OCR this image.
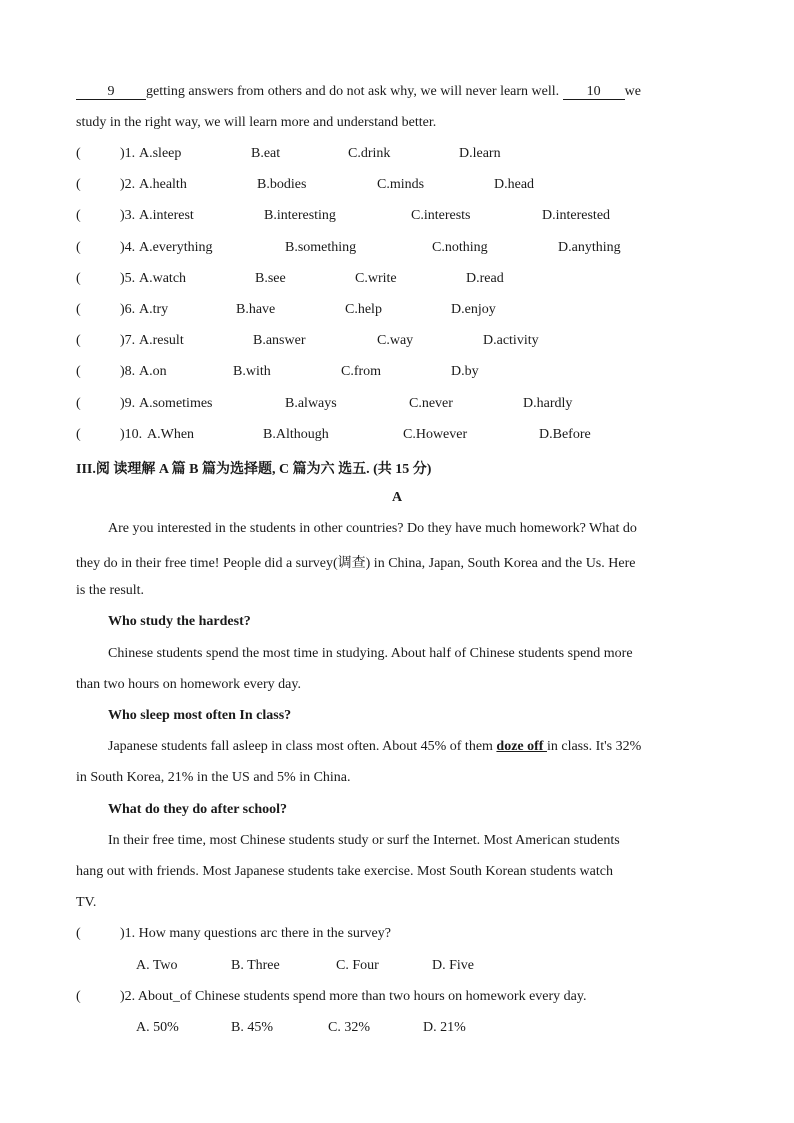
9 getting answers from others and do not ask why, we will never learn well. 10 we
study in the right way, we will learn more and understand better.
(	)1. A.sleep	B.eat	C.drink	D.learn
(	)2. A.health	B.bodies	C.minds	D.head
(	)3. A.interest	B.interesting	C.interests	D.interested
(	)4. A.everything	B.something	C.nothing	D.anything
(	)5. A.watch	B.see	C.write	D.read
(	)6. A.try	B.have	C.help	D.enjoy
(	)7. A.result	B.answer	C.way	D.activity
(	)8. A.on	B.with	C.from	D.by
(	)9. A.sometimes	B.always	C.never	D.hardly
(	)10. A.When	B.Although	C.However	D.Before
III.阅 读理解 A 篇 B 篇为选择题, C 篇为六 选五. (共 15 分)
A
Are you interested in the students in other countries? Do they have much homework? What do
they do in their free time! People did a survey(调查) in China, Japan, South Korea and the Us. Here
is the result.
Who study the hardest?
Chinese students spend the most time in studying. About half of Chinese students spend more
than two hours on homework every day.
Who sleep most often In class?
Japanese students fall asleep in class most often. About 45% of them doze off in class. It's 32%
in South Korea, 21% in the US and 5% in China.
What do they do after school?
In their free time, most Chinese students study or surf the Internet. Most American students
hang out with friends. Most Japanese students take exercise. Most South Korean students watch
TV.
(	)1. How many questions arc there in the survey?
A. Two	B. Three	C. Four	D. Five
(	)2. About_of Chinese students spend more than two hours on homework every day.
A. 50%	B. 45%	C. 32%	D. 21%
